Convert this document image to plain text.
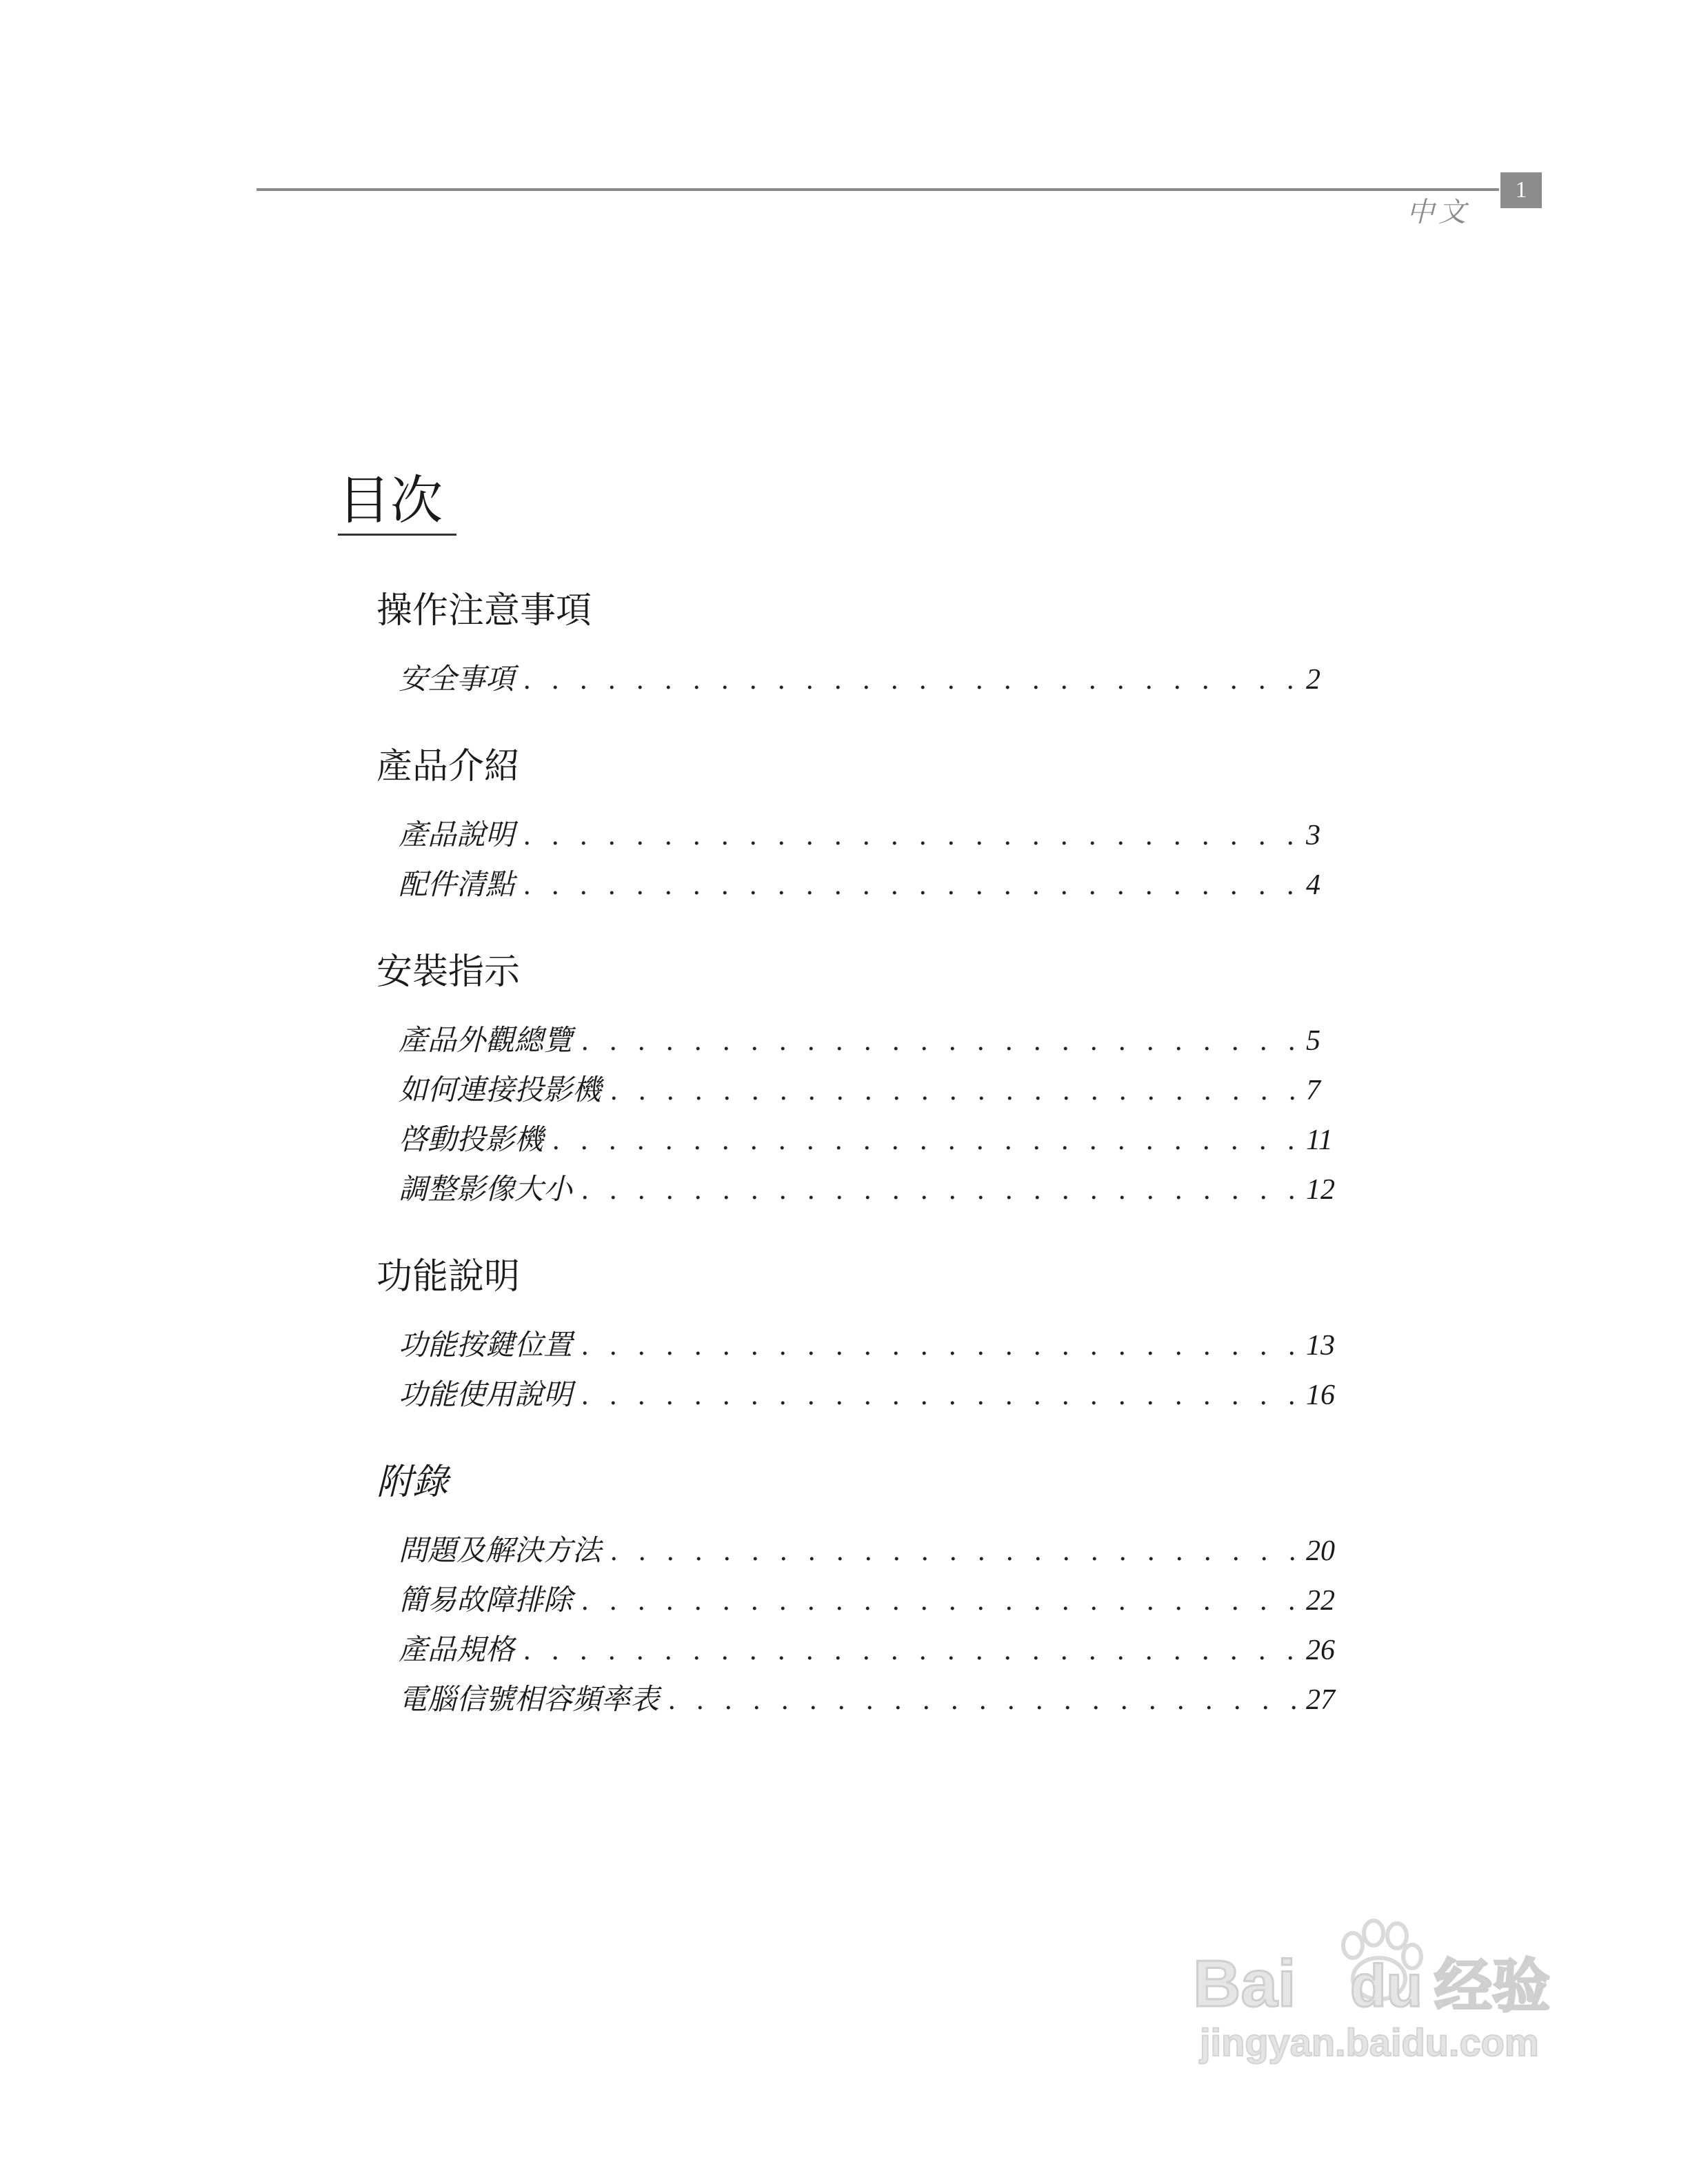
中文
1
目次
操作注意事項
安全事項 . . .	2
產品介紹
產品說明 . . .	3
配件清點 . . .	4
安裝指示
產品外觀總覽 . . .	5
如何連接投影機 . . .	7
啓動投影機 . . .	11
調整影像大小 . . .	12
功能說明
功能按鍵位置 . . .	13
功能使用說明 . . .	16
附錄
問題及解決方法 . . .	20
簡易故障排除 . . .	22
產品規格 . . .	26
電腦信號相容頻率表 . . .	27
Bai du 经验
jingyan.baidu.com
